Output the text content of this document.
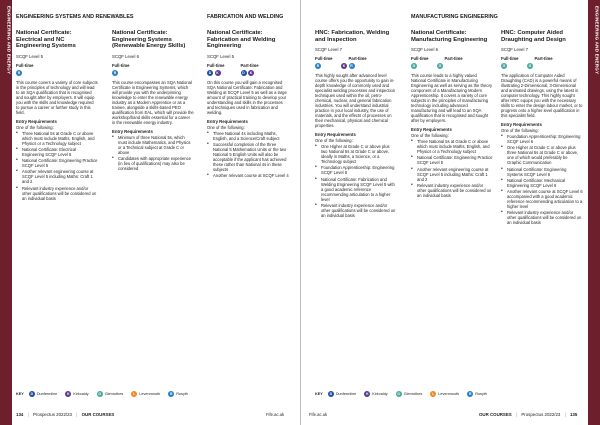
ENGINEERING AND ENERGY	ENGINEERING AND ENERGY
ENGINEERING SYSTEMS AND RENEWABLES	FABRICATION AND WELDING
National Certificate: Electrical and NC Engineering Systems
SCQF Level 5
Full-time
R

This course covers a variety of core subjects in the principles of technology and will lead to an SQA qualification that is recognised and sought after by employers. It will equip you with the skills and knowledge required to pursue a career or further study in this field.

Entry Requirements
One of the following:
• Three National 5s at Grade C or above which must include Maths, English, and Physics or a Technology subject
• National Certificate: Electrical Engineering SCQF Level 5
• National Certificate: Engineering Practice SCQF Level 5
• Another relevant engineering course at SCQF Level 5 including Maths: Craft 1 and 2
• Relevant industry experience and/or other qualifications will be considered on an individual basis
National Certificate: Engineering Systems (Renewable Energy Skills)
SCQF Level 6
Full-time
R

This course encompasses an SQA National Certificate in Engineering Systems, which will provide you with the underpinning knowledge to enter the renewable energy industry as a Modern Apprentice or as a trainee, alongside a skills-based PEO qualification from EAL, which will provide the workshop/hand skills essential for a career in the renewable energy industry.

Entry Requirements
• Minimum of three National 5s, which must include Mathematics, and Physics or a Technical subject at Grade C or above
• Candidates with appropriate experience (in lieu of qualifications) may also be considered
National Certificate: Fabrication and Welding Engineering
SCQF Level 5
Full-time	Part-time
D	K	D	K

On this course you will gain a recognised SQA National Certificate: Fabrication and Welding at SCQF Level 5 as well as a large amount of practical training to develop your understanding and skills in the processes and techniques used in fabrication and welding.

Entry Requirements
One of the following:
• Three National 4s including Maths, English, and a Science/Craft subject
• Successful completion of the three National 5 Mathematics Units or the two National 5 English Units will also be acceptable if the applicant has achieved these rather than National 4s in these subjects
• Another relevant course at SCQF Level 4
KEY	D Dunfermline	K Kirkcaldy	G Glenrothes	L	Levenmouth	R Rosyth
134 | Prospectus 2022/23 | OUR COURSES	Fife.ac.uk
MANUFACTURING ENGINEERING
HNC: Fabrication, Welding and Inspection
SCQF Level 7
Full-time	Part-time
R	K	R

This highly sought after advanced level course offers you the opportunity to gain in-depth knowledge of commonly used and specialist welding processes and inspection techniques used within the oil, petro-chemical, nuclear, and general fabrication industries. You will understand industrial practice in your local industry, the use of materials, and the effects of processes on their mechanical, physical and chemical properties.

Entry Requirements
One of the following:
• One Higher at Grade C or above plus two National 5s at Grade C or above, ideally in Maths, a Science, or a Technology subject
• Foundation Apprenticeship: Engineering SCQF Level 6
• National Certificate: Fabrication and Welding Engineering SCQF Level 5 with a good academic reference recommending articulation to a higher level
• Relevant industry experience and/or other qualifications will be considered on an individual basis
National Certificate: Manufacturing Engineering
SCQF Level 6
Full-time	Part-time
G	G

This course leads to a highly valued National Certificate in Manufacturing Engineering as well as serving as the theory component of a Manufacturing Modern Apprenticeship. It covers a variety of core subjects in the principles of manufacturing technology including advanced manufacturing and will lead to an SQA qualification that is recognised and sought after by employers.

Entry Requirements
One of the following:
• Three National 5s at Grade C or above which must include Maths, English, and Physics or a Technology subject
• National Certificate: Engineering Practice SCQF Level 5
• Another relevant engineering course at SCQF Level 5 including Maths: Craft 1 and 2
• Relevant industry experience and/or other qualifications will be considered on an individual basis
HNC: Computer Aided Draughting and Design
SCQF Level 7
Full-time	Part-time
G	G

The application of Computer Aided Draughting (CAD) is a powerful means of illustrating 2-Dimensional, 3-Dimensional and animated drawings, using the latest in computer technology. This highly sought after HNC equips you with the necessary skills to enter the design labour market, or to progress onto a higher level qualification in this specialist field.

Entry Requirements
One of the following:
• Foundation Apprenticeship: Engineering SCQF Level 6
• One Higher at Grade C or above plus three National 5s at Grade C or above, one of which would preferably be Graphic Communication
• National Certificate: Engineering Systems SCQF Level 6
• National Certificate: Mechanical Engineering SCQF Level 6
• Another relevant course at SCQF Level 6 accompanied with a good academic reference recommending articulation to a higher level
• Relevant industry experience and/or other qualifications will be considered on an individual basis
KEY	D Dunfermline	K Kirkcaldy	G Glenrothes	L	Levenmouth	R Rosyth
Fife.ac.uk	OUR COURSES | Prospectus 2022/23 | 135
